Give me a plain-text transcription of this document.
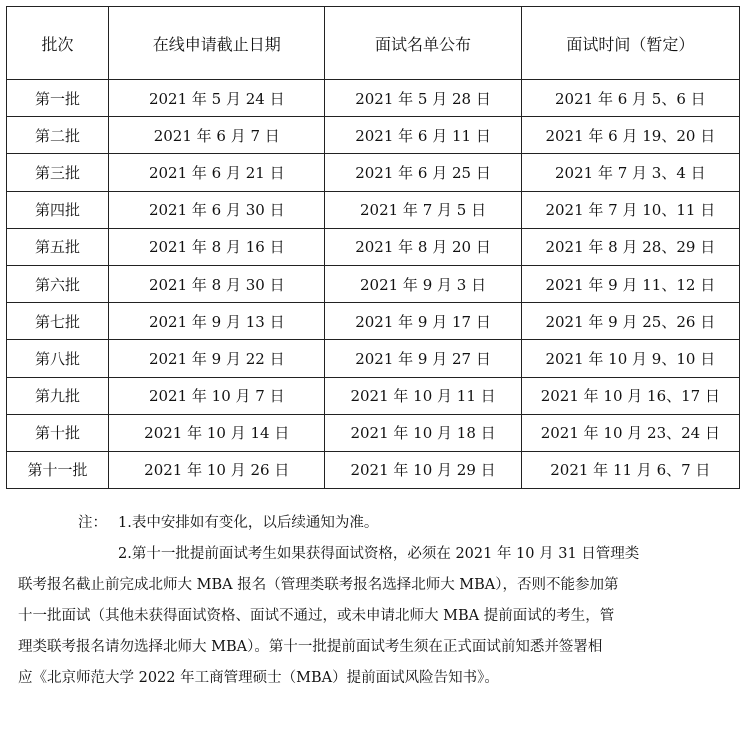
批次	在线申请截止日期	面试名单公布	面试时间（暂定）
第一批	2021 年 5 月 24 日	2021 年 5 月 28 日	2021 年 6 月 5、6 日
第二批	2021 年 6 月 7 日	2021 年 6 月 11 日	2021 年 6 月 19、20 日
第三批	2021 年 6 月 21 日	2021 年 6 月 25 日	2021 年 7 月 3、4 日
第四批	2021 年 6 月 30 日	2021 年 7 月 5 日	2021 年 7 月 10、11 日
第五批	2021 年 8 月 16 日	2021 年 8 月 20 日	2021 年 8 月 28、29 日
第六批	2021 年 8 月 30 日	2021 年 9 月 3 日	2021 年 9 月 11、12 日
第七批	2021 年 9 月 13 日	2021 年 9 月 17 日	2021 年 9 月 25、26 日
第八批	2021 年 9 月 22 日	2021 年 9 月 27 日	2021 年 10 月 9、10 日
第九批	2021 年 10 月 7 日	2021 年 10 月 11 日	2021 年 10 月 16、17 日
第十批	2021 年 10 月 14 日	2021 年 10 月 18 日	2021 年 10 月 23、24 日
第十一批	2021 年 10 月 26 日	2021 年 10 月 29 日	2021 年 11 月 6、7 日
注： 1.表中安排如有变化，以后续通知为准。
2.第十一批提前面试考生如果获得面试资格，必须在 2021 年 10 月 31 日管理类
联考报名截止前完成北师大 MBA 报名（管理类联考报名选择北师大 MBA），否则不能参加第
十一批面试（其他未获得面试资格、面试不通过，或未申请北师大 MBA 提前面试的考生，管
理类联考报名请勿选择北师大 MBA）。第十一批提前面试考生须在正式面试前知悉并签署相
应《北京师范大学 2022 年工商管理硕士（MBA）提前面试风险告知书》。
